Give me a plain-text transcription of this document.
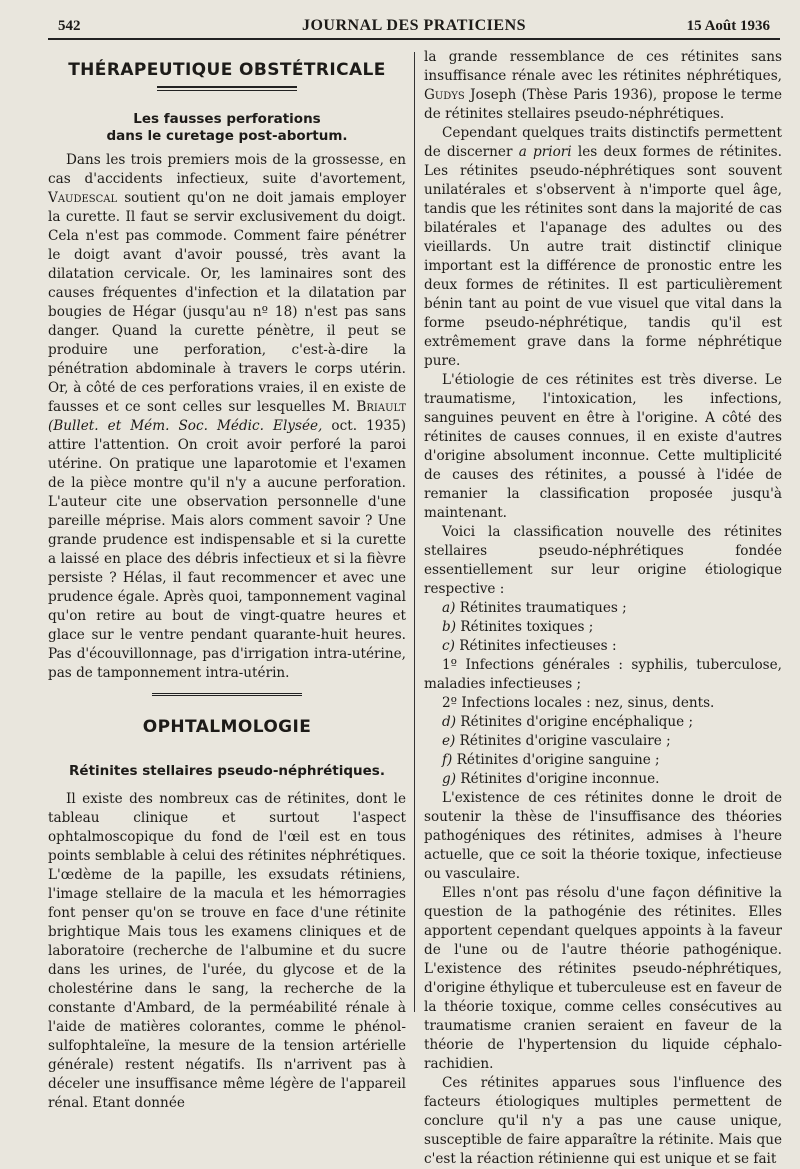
542	JOURNAL DES PRATICIENS	15 Août 1936
THÉRAPEUTIQUE OBSTÉTRICALE
Les fausses perforations
dans le curetage post-abortum.

Dans les trois premiers mois de la grossesse, en cas d'accidents infectieux, suite d'avortement, Vaudescal soutient qu'on ne doit jamais employer la curette. Il faut se servir exclusivement du doigt. Cela n'est pas commode. Comment faire pénétrer le doigt avant d'avoir poussé, très avant la dilatation cervicale. Or, les laminaires sont des causes fréquentes d'infection et la dilatation par bougies de Hégar (jusqu'au nº 18) n'est pas sans danger. Quand la curette pénètre, il peut se produire une perforation, c'est-à-dire la pénétration abdominale à travers le corps utérin. Or, à côté de ces perforations vraies, il en existe de fausses et ce sont celles sur lesquelles M. Briault (Bullet. et Mém. Soc. Médic. Elysée, oct. 1935) attire l'attention. On croit avoir perforé la paroi utérine. On pratique une laparotomie et l'examen de la pièce montre qu'il n'y a aucune perforation. L'auteur cite une observation personnelle d'une pareille méprise. Mais alors comment savoir ? Une grande prudence est indispensable et si la curette a laissé en place des débris infectieux et si la fièvre persiste ? Hélas, il faut recommencer et avec une prudence égale. Après quoi, tamponnement vaginal qu'on retire au bout de vingt-quatre heures et glace sur le ventre pendant quarante-huit heures. Pas d'écouvillonnage, pas d'irrigation intra-utérine, pas de tamponnement intra-utérin.

OPHTALMOLOGIE
Rétinites stellaires pseudo-néphrétiques.

Il existe des nombreux cas de rétinites, dont le tableau clinique et surtout l'aspect ophtalmoscopique du fond de l'œil est en tous points semblable à celui des rétinites néphrétiques. L'œdème de la papille, les exsudats rétiniens, l'image stellaire de la macula et les hémorragies font penser qu'on se trouve en face d'une rétinite brightique Mais tous les examens cliniques et de laboratoire (recherche de l'albumine et du sucre dans les urines, de l'urée, du glycose et de la cholestérine dans le sang, la recherche de la constante d'Ambard, de la perméabilité rénale à l'aide de matières colorantes, comme le phénol-sulfophtaleïne, la mesure de la tension artérielle générale) restent négatifs. Ils n'arrivent pas à déceler une insuffisance même légère de l'appareil rénal. Etant donnée

la grande ressemblance de ces rétinites sans insuffisance rénale avec les rétinites néphrétiques, Gudys Joseph (Thèse Paris 1936), propose le terme de rétinites stellaires pseudo-néphrétiques.

Cependant quelques traits distinctifs permettent de discerner a priori les deux formes de rétinites. Les rétinites pseudo-néphrétiques sont souvent unilatérales et s'observent à n'importe quel âge, tandis que les rétinites sont dans la majorité de cas bilatérales et l'apanage des adultes ou des vieillards. Un autre trait distinctif clinique important est la différence de pronostic entre les deux formes de rétinites. Il est particulièrement bénin tant au point de vue visuel que vital dans la forme pseudo-néphrétique, tandis qu'il est extrêmement grave dans la forme néphrétique pure.

L'étiologie de ces rétinites est très diverse. Le traumatisme, l'intoxication, les infections, sanguines peuvent en être à l'origine. A côté des rétinites de causes connues, il en existe d'autres d'origine absolument inconnue. Cette multiplicité de causes des rétinites, a poussé à l'idée de remanier la classification proposée jusqu'à maintenant.

Voici la classification nouvelle des rétinites stellaires pseudo-néphrétiques fondée essentiellement sur leur origine étiologique respective :

a) Rétinites traumatiques ;
b) Rétinites toxiques ;
c) Rétinites infectieuses :

1º Infections générales : syphilis, tuberculose, maladies infectieuses ;

2º Infections locales : nez, sinus, dents.

d) Rétinites d'origine encéphalique ;
e) Rétinites d'origine vasculaire ;
f) Rétinites d'origine sanguine ;
g) Rétinites d'origine inconnue.

L'existence de ces rétinites donne le droit de soutenir la thèse de l'insuffisance des théories pathogéniques des rétinites, admises à l'heure actuelle, que ce soit la théorie toxique, infectieuse ou vasculaire.

Elles n'ont pas résolu d'une façon définitive la question de la pathogénie des rétinites. Elles apportent cependant quelques appoints à la faveur de l'une ou de l'autre théorie pathogénique. L'existence des rétinites pseudo-néphrétiques, d'origine éthylique et tuberculeuse est en faveur de la théorie toxique, comme celles consécutives au traumatisme cranien seraient en faveur de la théorie de l'hypertension du liquide céphalo-rachidien.

Ces rétinites apparues sous l'influence des facteurs étiologiques multiples permettent de conclure qu'il n'y a pas une cause unique, susceptible de faire apparaître la rétinite. Mais que c'est la réaction rétinienne qui est unique et se fait
